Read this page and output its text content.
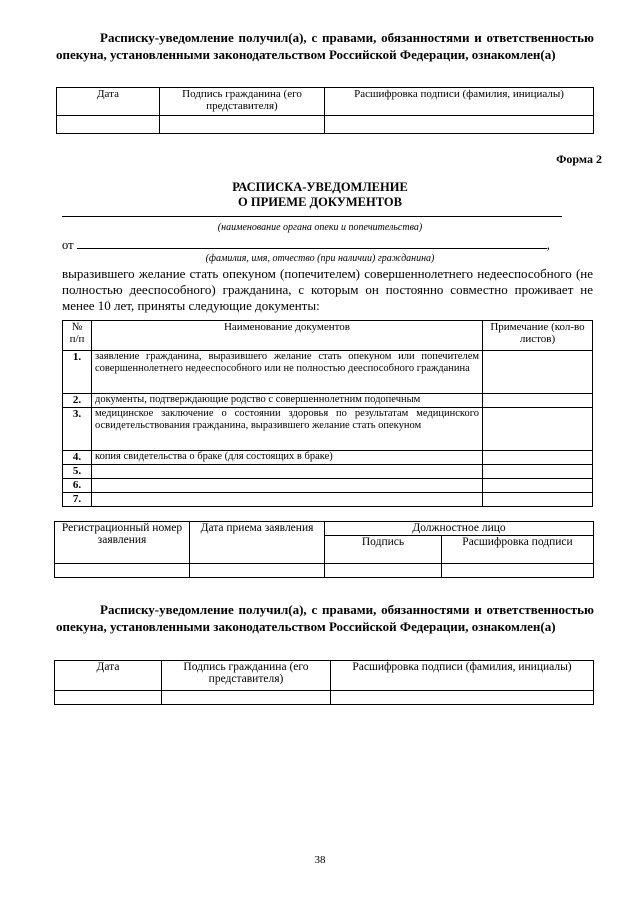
Расписку-уведомление получил(а), с правами, обязанностями и ответственностью опекуна, установленными законодательством Российской Федерации, ознакомлен(а)
Дата	Подпись гражданина (его представителя)	Расшифровка подписи (фамилия, инициалы)

Форма 2
РАСПИСКА-УВЕДОМЛЕНИЕ
О ПРИЕМЕ ДОКУМЕНТОВ
(наименование органа опеки и попечительства)
от	,
(фамилия, имя, отчество (при наличии) гражданина)
выразившего желание стать опекуном (попечителем) совершеннолетнего недееспособного (не полностью дееспособного) гражданина, с которым он постоянно совместно проживает не менее 10 лет, приняты следующие документы:
№ п/п	Наименование документов	Примечание (кол-во листов)
1.	заявление гражданина, выразившего желание стать опекуном или попечителем совершеннолетнего недееспособного или не полностью дееспособного гражданина	
2.	документы, подтверждающие родство с совершеннолетним подопечным	
3.	медицинское заключение о состоянии здоровья по результатам медицинского освидетельствования гражданина, выразившего желание стать опекуном	
4.	копия свидетельства о браке (для состоящих в браке)	
5.		
6.		
7.		
Регистрационный номер заявления	Дата приема заявления	Должностное лицо	
		Подпись	Расшифровка подписи

Расписку-уведомление получил(а), с правами, обязанностями и ответственностью опекуна, установленными законодательством Российской Федерации, ознакомлен(а)
Дата	Подпись гражданина (его представителя)	Расшифровка подписи (фамилия, инициалы)

38
